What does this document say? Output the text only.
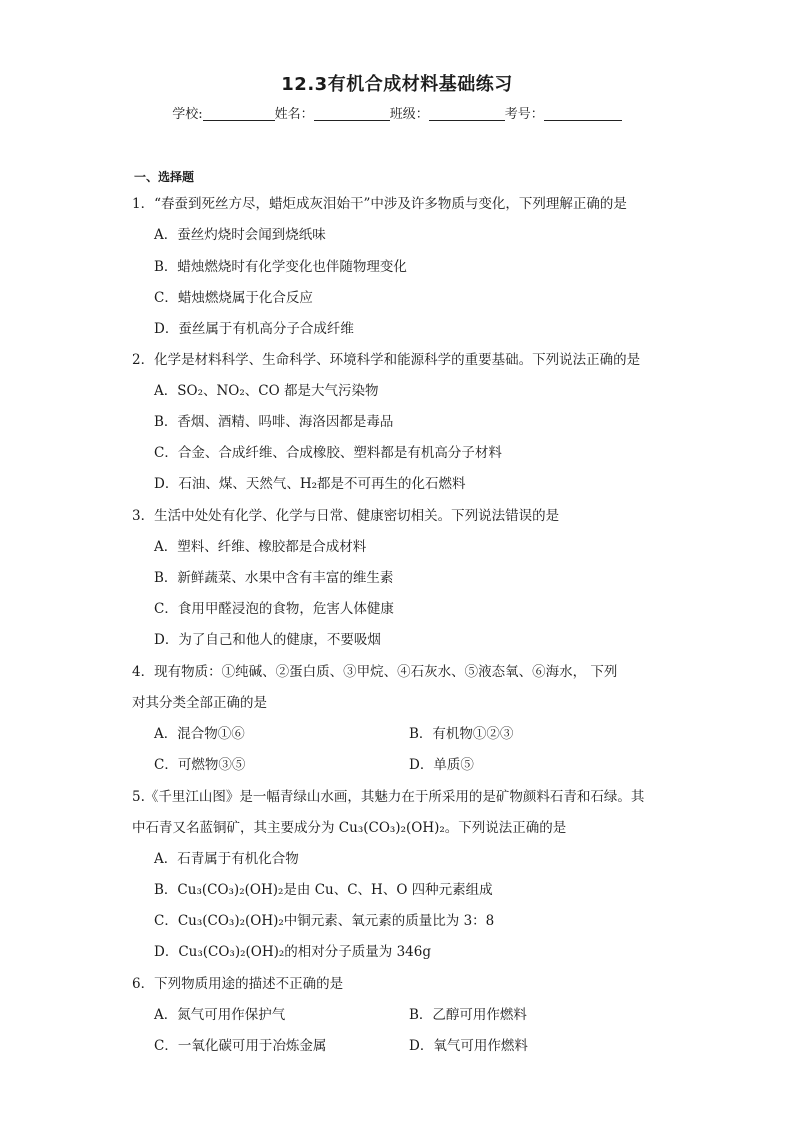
12.3有机合成材料基础练习
学校:	姓名：	班级：	考号：
一、选择题
1．“春蚕到死丝方尽，蜡炬成灰泪始干”中涉及许多物质与变化，下列理解正确的是
A．蚕丝灼烧时会闻到烧纸味
B．蜡烛燃烧时有化学变化也伴随物理变化
C．蜡烛燃烧属于化合反应
D．蚕丝属于有机高分子合成纤维
2．化学是材料科学、生命科学、环境科学和能源科学的重要基础。下列说法正确的是
A．SO₂、NO₂、CO 都是大气污染物
B．香烟、酒精、吗啡、海洛因都是毒品
C．合金、合成纤维、合成橡胶、塑料都是有机高分子材料
D．石油、煤、天然气、H₂都是不可再生的化石燃料
3．生活中处处有化学、化学与日常、健康密切相关。下列说法错误的是
A．塑料、纤维、橡胶都是合成材料
B．新鲜蔬菜、水果中含有丰富的维生素
C．食用甲醛浸泡的食物，危害人体健康
D．为了自己和他人的健康，不要吸烟
4．现有物质：①纯碱、②蛋白质、③甲烷、④石灰水、⑤液态氧、⑥海水， 下列
对其分类全部正确的是
A．混合物①⑥	B．有机物①②③
C．可燃物③⑤	D．单质⑤
5.《千里江山图》是一幅青绿山水画，其魅力在于所采用的是矿物颜料石青和石绿。其
中石青又名蓝铜矿，其主要成分为 Cu₃(CO₃)₂(OH)₂。下列说法正确的是
A．石青属于有机化合物
B．Cu₃(CO₃)₂(OH)₂是由 Cu、C、H、O 四种元素组成
C．Cu₃(CO₃)₂(OH)₂中铜元素、氧元素的质量比为 3：8
D．Cu₃(CO₃)₂(OH)₂的相对分子质量为 346g
6．下列物质用途的描述不正确的是
A．氮气可用作保护气	B．乙醇可用作燃料
C．一氧化碳可用于冶炼金属	D．氧气可用作燃料
